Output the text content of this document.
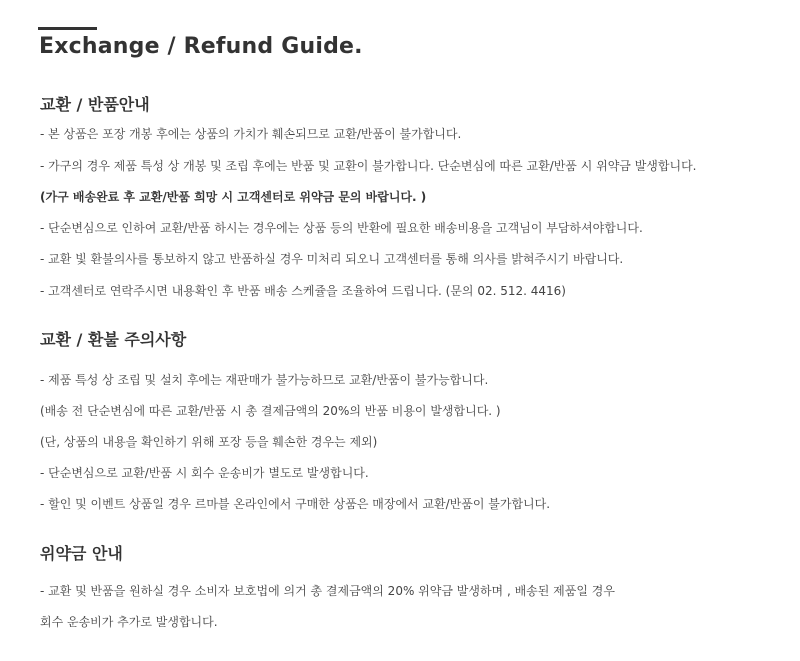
Exchange / Refund Guide.
교환 / 반품안내

- 본 상품은 포장 개봉 후에는 상품의 가치가 훼손되므로 교환/반품이 불가합니다.

- 가구의 경우 제품 특성 상 개봉 및 조립 후에는 반품 및 교환이 불가합니다. 단순변심에 따른 교환/반품 시 위약금 발생합니다.

(가구 배송완료 후 교환/반품 희망 시 고객센터로 위약금 문의 바랍니다. )

- 단순변심으로 인하여 교환/반품 하시는 경우에는 상품 등의 반환에 필요한 배송비용을 고객님이 부담하셔야합니다.

- 교환 빛 환불의사를 통보하지 않고 반품하실 경우 미처리 되오니 고객센터를 통해 의사를 밝혀주시기 바랍니다.

- 고객센터로 연락주시면 내용확인 후 반품 배송 스케쥴을 조율하여 드립니다. (문의 02. 512. 4416)

교환 / 환불 주의사항

- 제품 특성 상 조립 및 설치 후에는 재판매가 불가능하므로 교환/반품이 불가능합니다.

(배송 전 단순변심에 따른 교환/반품 시 총 결제금액의 20%의 반품 비용이 발생합니다. )

(단, 상품의 내용을 확인하기 위해 포장 등을 훼손한 경우는 제외)

- 단순변심으로 교환/반품 시 회수 운송비가 별도로 발생합니다.

- 할인 및 이벤트 상품일 경우 르마블 온라인에서 구매한 상품은 매장에서 교환/반품이 불가합니다.

위약금 안내

- 교환 및 반품을 원하실 경우 소비자 보호법에 의거 총 결제금액의 20% 위약금 발생하며 , 배송된 제품일 경우

회수 운송비가 추가로 발생합니다.
